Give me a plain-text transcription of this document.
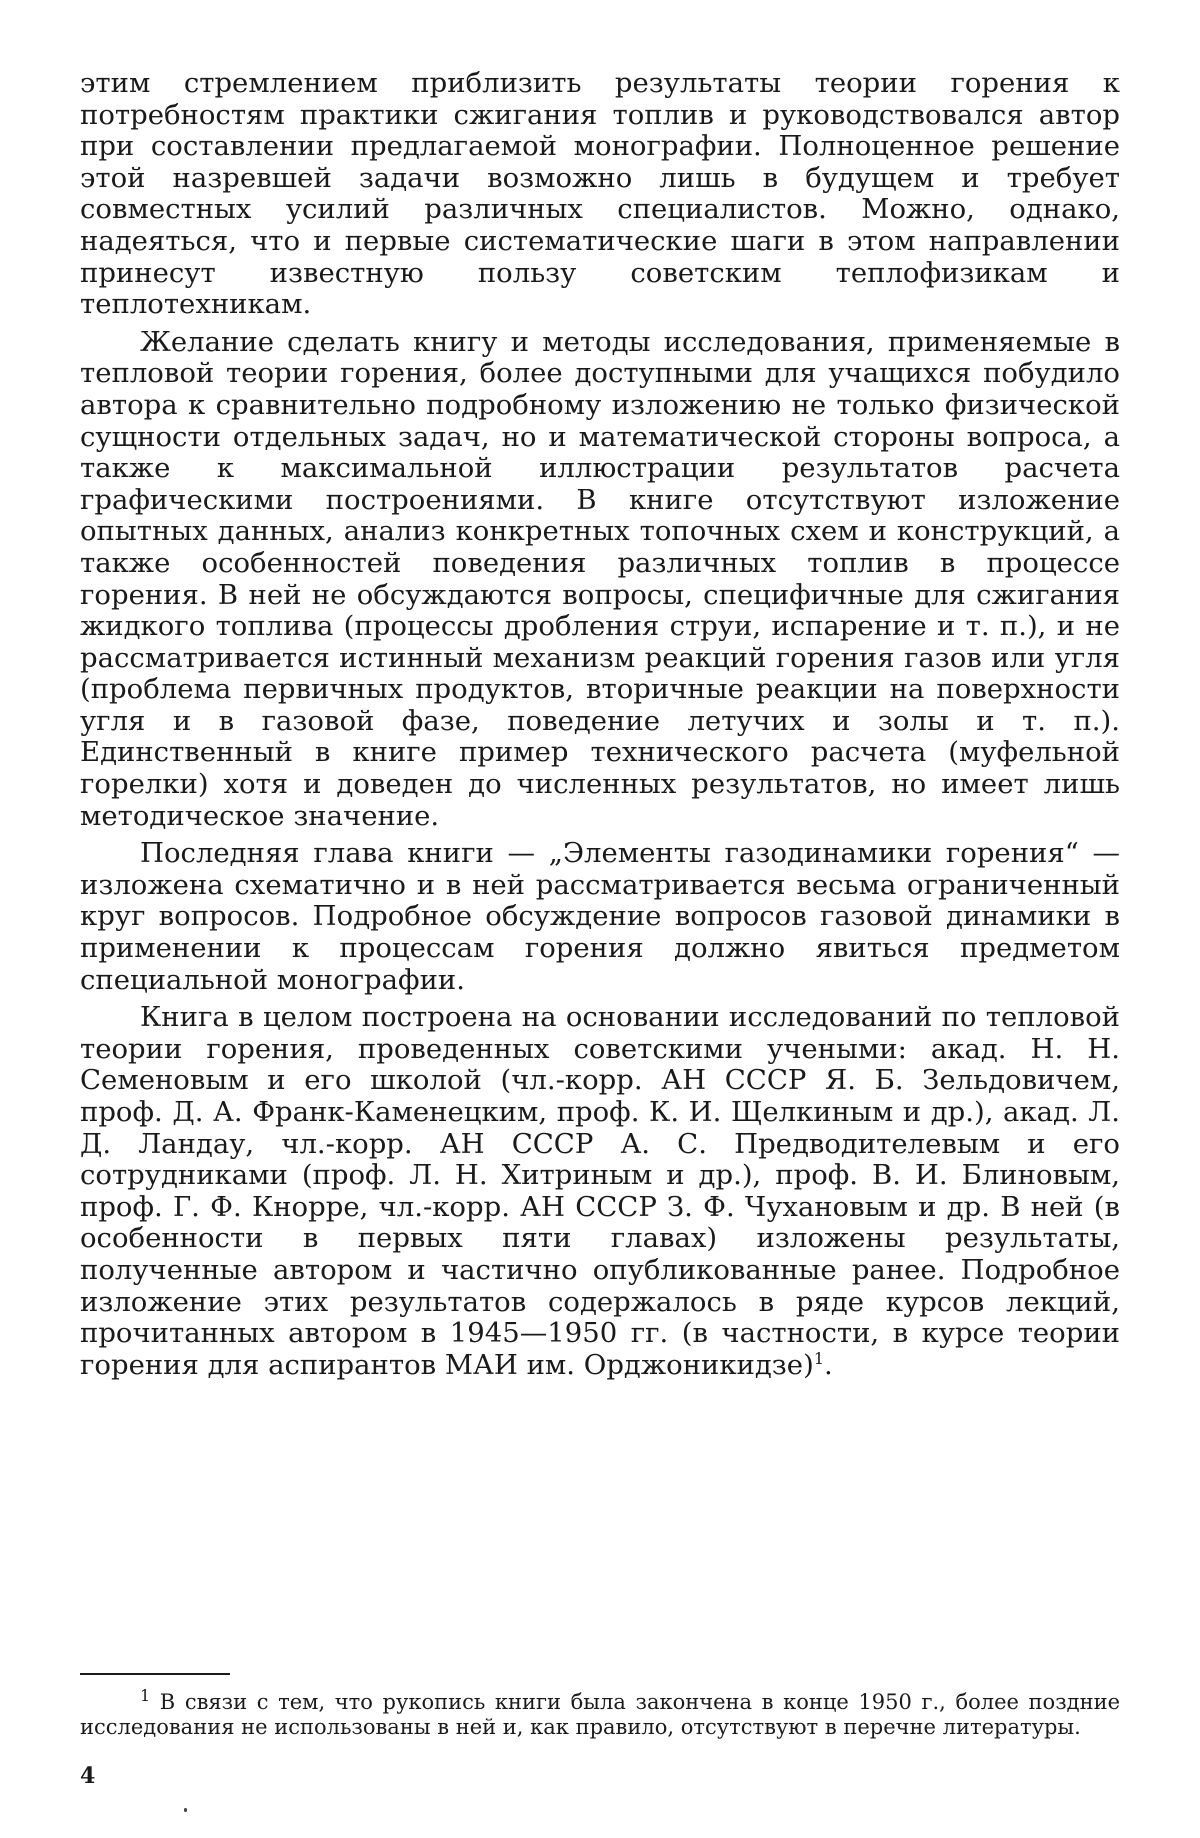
этим стремлением приблизить результаты теории горения к потребностям практики сжигания топлив и руководствовался автор при составлении предлагаемой монографии. Полноценное решение этой назревшей задачи возможно лишь в будущем и требует совместных усилий различных специалистов. Можно, однако, надеяться, что и первые систематические шаги в этом направлении принесут известную пользу советским теплофизикам и теплотехникам.

Желание сделать книгу и методы исследования, применяемые в тепловой теории горения, более доступными для учащихся побудило автора к сравнительно подробному изложению не только физической сущности отдельных задач, но и математической стороны вопроса, а также к максимальной иллюстрации результатов расчета графическими построениями. В книге отсутствуют изложение опытных данных, анализ конкретных топочных схем и конструкций, а также особенностей поведения различных топлив в процессе горения. В ней не обсуждаются вопросы, специфичные для сжигания жидкого топлива (процессы дробления струи, испарение и т. п.), и не рассматривается истинный механизм реакций горения газов или угля (проблема первичных продуктов, вторичные реакции на поверхности угля и в газовой фазе, поведение летучих и золы и т. п.). Единственный в книге пример технического расчета (муфельной горелки) хотя и доведен до численных результатов, но имеет лишь методическое значение.

Последняя глава книги — „Элементы газодинамики горения“ — изложена схематично и в ней рассматривается весьма ограниченный круг вопросов. Подробное обсуждение вопросов газовой динамики в применении к процессам горения должно явиться предметом специальной монографии.

Книга в целом построена на основании исследований по тепловой теории горения, проведенных советскими учеными: акад. Н. Н. Семеновым и его школой (чл.-корр. АН СССР Я. Б. Зельдовичем, проф. Д. А. Франк-Каменецким, проф. К. И. Щелкиным и др.), акад. Л. Д. Ландау, чл.-корр. АН СССР А. С. Предводителевым и его сотрудниками (проф. Л. Н. Хитриным и др.), проф. В. И. Блиновым, проф. Г. Ф. Кнорре, чл.-корр. АН СССР З. Ф. Чухановым и др. В ней (в особенности в первых пяти главах) изложены результаты, полученные автором и частично опубликованные ранее. Подробное изложение этих результатов содержалось в ряде курсов лекций, прочитанных автором в 1945—1950 гг. (в частности, в курсе теории горения для аспирантов МАИ им. Орджоникидзе)$^1$.

$^1$ В связи с тем, что рукопись книги была закончена в конце 1950 г., более поздние исследования не использованы в ней и, как правило, отсутствуют в перечне литературы.

4
